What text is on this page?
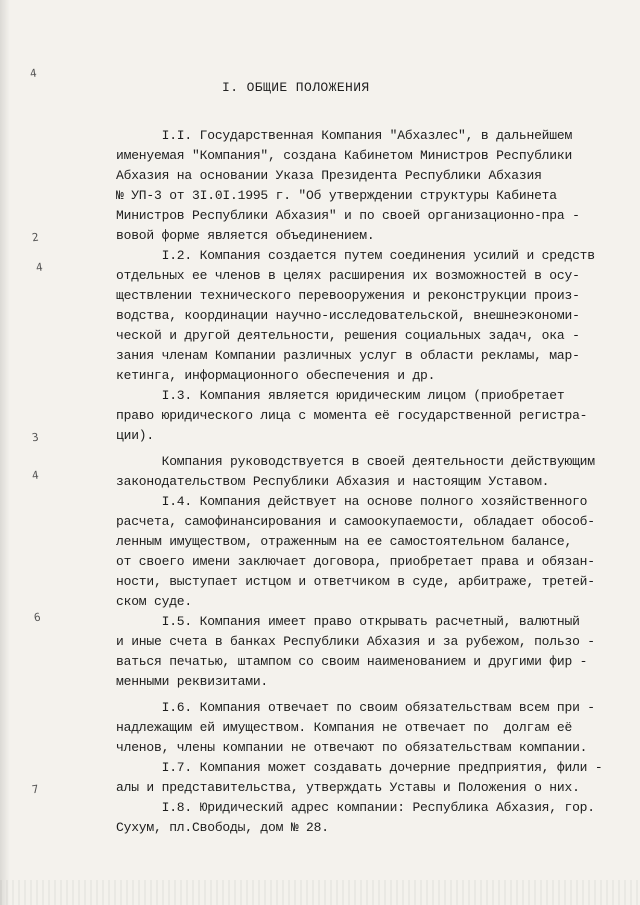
I. ОБЩИЕ ПОЛОЖЕНИЯ
I.I. Государственная Компания "Абхазлес", в дальнейшем
именуемая "Компания", создана Кабинетом Министров Республики
Абхазия на основании Указа Президента Республики Абхазия
№ УП-3 от 3I.0I.1995 г. "Об утверждении структуры Кабинета
Министров Республики Абхазия" и по своей организационно-пра -
вовой форме является объединением.
I.2. Компания создается путем соединения усилий и средств
отдельных ее членов в целях расширения их возможностей в осу-
ществлении технического перевооружения и реконструкции произ-
водства, координации научно-исследовательской, внешнеэкономи-
ческой и другой деятельности, решения социальных задач, ока -
зания членам Компании различных услуг в области рекламы, мар-
кетинга, информационного обеспечения и др.
I.3. Компания является юридическим лицом (приобретает
право юридического лица с момента её государственной регистра-
ции).
Компания руководствуется в своей деятельности действующим
законодательством Республики Абхазия и настоящим Уставом.
I.4. Компания действует на основе полного хозяйственного
расчета, самофинансирования и самоокупаемости, обладает обособ-
ленным имуществом, отраженным на ее самостоятельном балансе,
от своего имени заключает договора, приобретает права и обязан-
ности, выступает истцом и ответчиком в суде, арбитраже, третей-
ском суде.
I.5. Компания имеет право открывать расчетный, валютный
и иные счета в банках Республики Абхазия и за рубежом, пользо -
ваться печатью, штампом со своим наименованием и другими фир -
менными реквизитами.
I.6. Компания отвечает по своим обязательствам всем при -
надлежащим ей имуществом. Компания не отвечает по  долгам её
членов, члены компании не отвечают по обязательствам компании.
I.7. Компания может создавать дочерние предприятия, фили -
алы и представительства, утверждать Уставы и Положения о них.
I.8. Юридический адрес компании: Республика Абхазия, гор.
Сухум, пл.Свободы, дом № 28.
4
2
4
3
4
6
7
